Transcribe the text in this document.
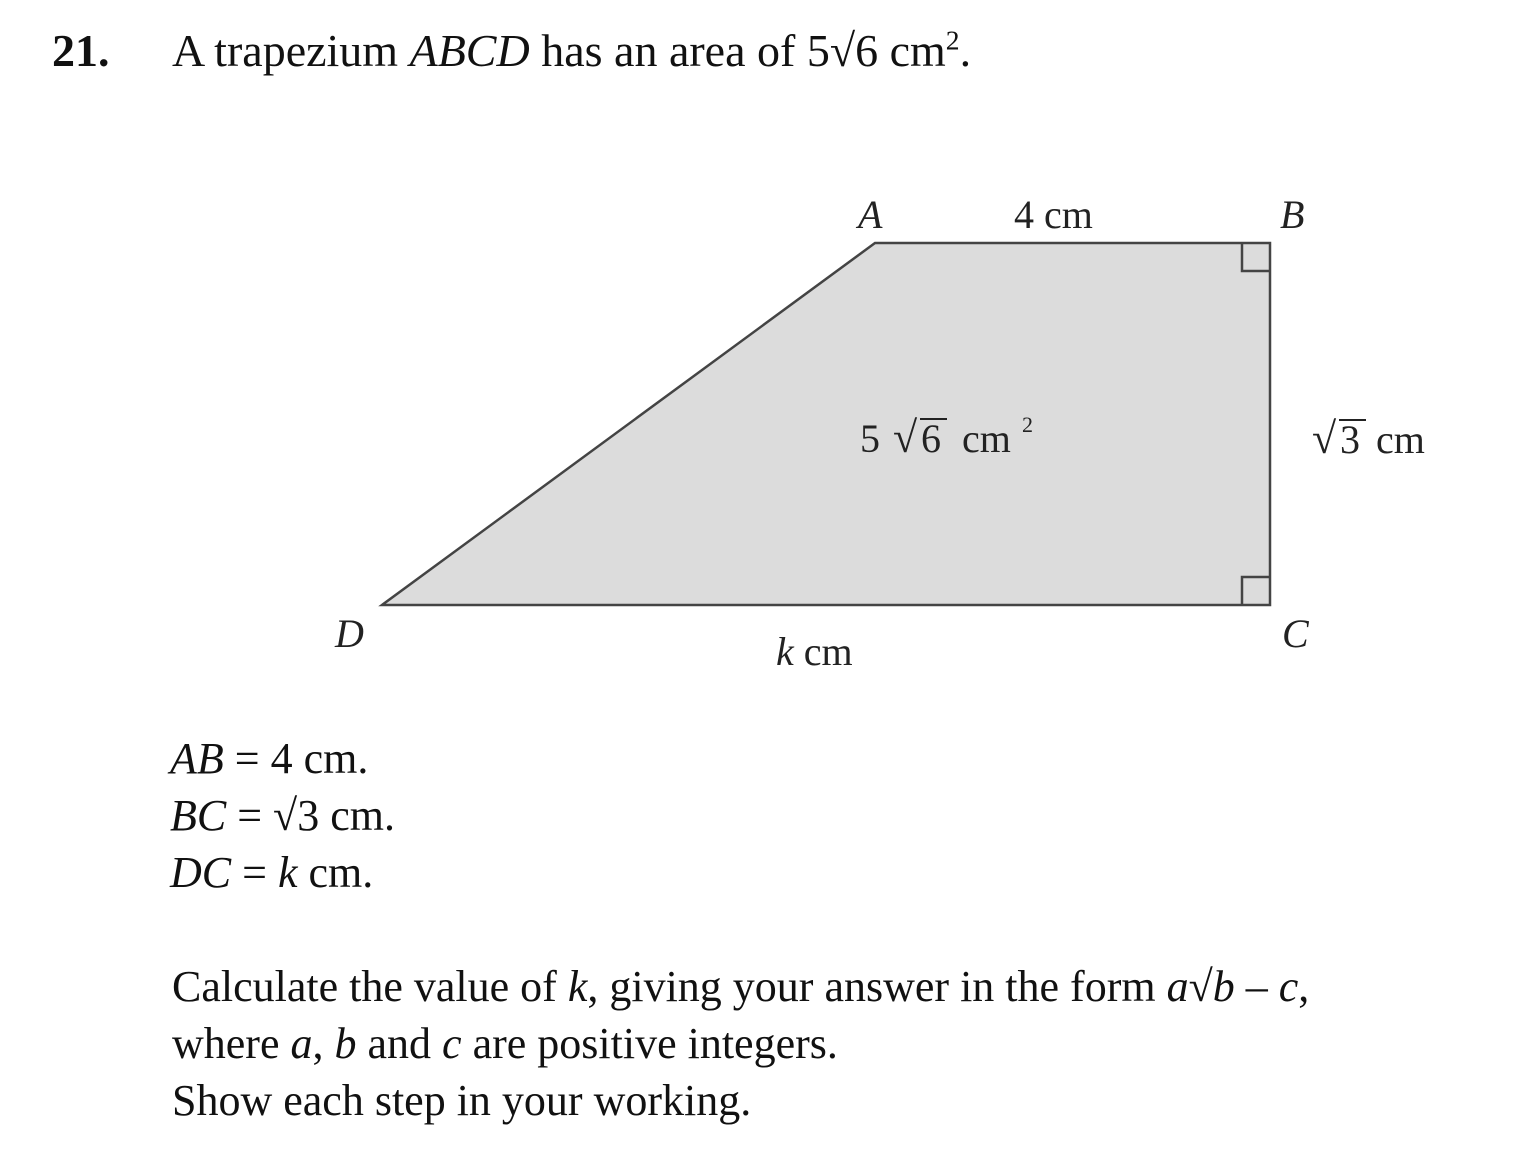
21. A trapezium ABCD has an area of 5√6 $cm^2$.
A	B
C
D
4 cm
k cm
√ 3 cm
5 √ 6 cm 2
AB = 4 cm.
BC = √3 cm.
DC = k cm.
Calculate the value of k, giving your answer in the form a√b – c,
where a, b and c are positive integers.
Show each step in your working.
